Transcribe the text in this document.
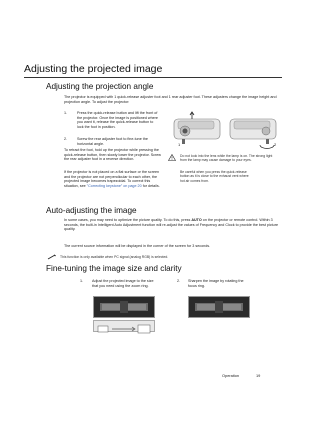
Adjusting the projected image
Adjusting the projection angle
The projector is equipped with 1 quick-release adjuster foot and 1 rear adjuster foot. These adjusters change the image height and projection angle. To adjust the projector:
1.	Press the quick-release button and lift the front of the projector. Once the image is positioned where you want it, release the quick-release button to lock the foot in position.
2.	Screw the rear adjuster foot to fine-tune the horizontal angle.
To retract the foot, hold up the projector while pressing the quick-release button, then slowly lower the projector. Screw the rear adjuster foot in a reverse direction.
If the projector is not placed on a flat surface or the screen and the projector are not perpendicular to each other, the projected image becomes trapezoidal. To correct this situation, see "Correcting keystone" on page 20 for details.
1	2
Do not look into the lens while the lamp is on. The strong light from the lamp may cause damage to your eyes.
Be careful when you press the quick-release button as it is close to the exhaust vent where hot air comes from.
Auto-adjusting the image
In some cases, you may need to optimize the picture quality. To do this, press AUTO on the projector or remote control. Within 3 seconds, the built-in Intelligent Auto Adjustment function will re-adjust the values of Frequency and Clock to provide the best picture quality.
The current source information will be displayed in the corner of the screen for 3 seconds.
This function is only available when PC signal (analog RGB) is selected.
Fine-tuning the image size and clarity
1. Adjust the projected image to the size that you need using the zoom ring.
2. Sharpen the image by rotating the focus ring.
Operation	19
